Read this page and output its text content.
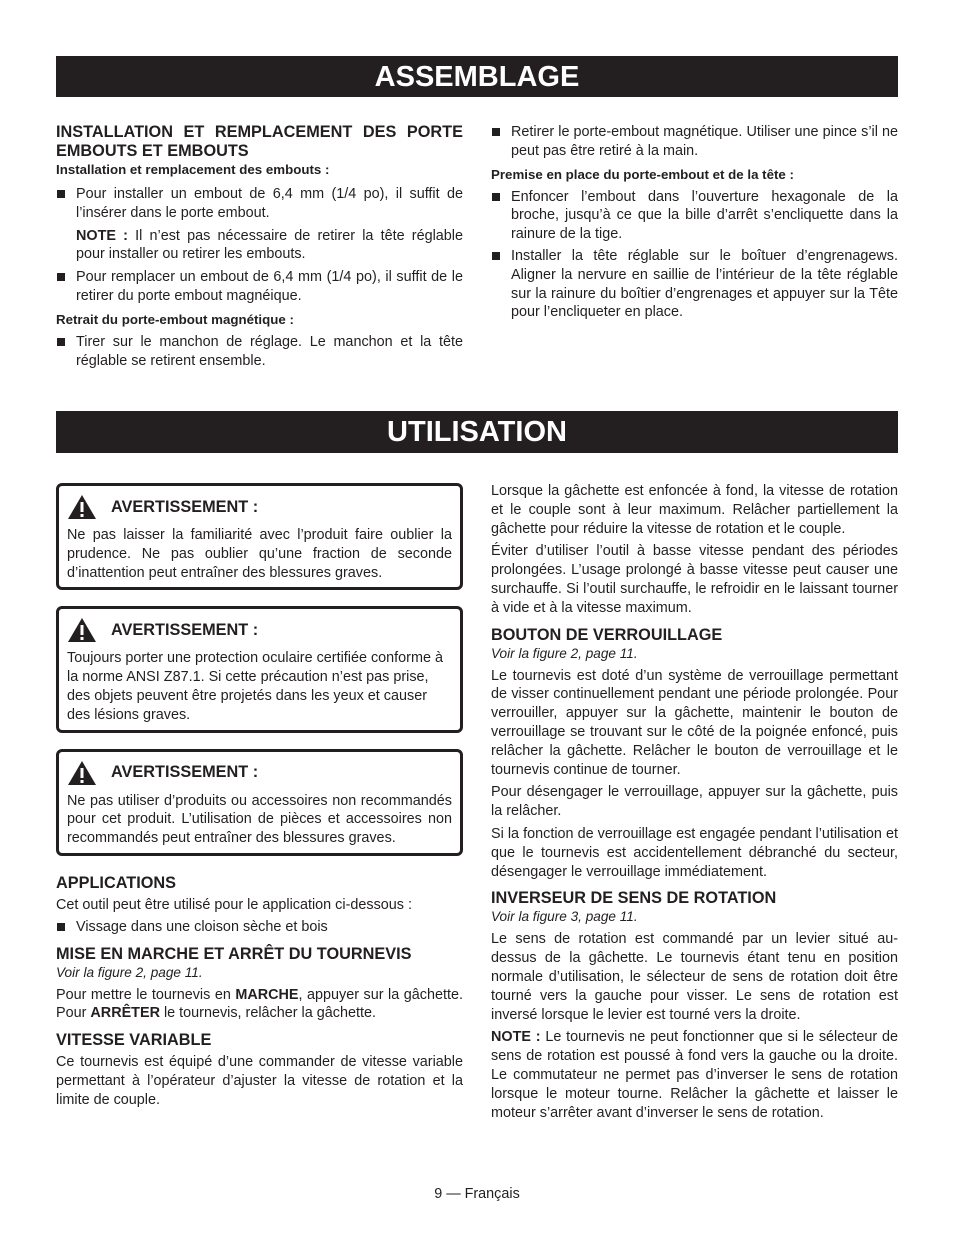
ASSEMBLAGE
UTILISATION
INSTALLATION ET REMPLACEMENT DES PORTE EMBOUTS ET EMBOUTS
Installation et remplacement des embouts :
Pour installer un embout de 6,4 mm (1/4 po), il suffit de l’insérer dans le porte embout.
NOTE : Il n’est pas nécessaire de retirer la tête réglable pour installer ou retirer les embouts.
Pour remplacer un embout de 6,4 mm (1/4 po), il suffit de le retirer du porte embout magnéique.
Retrait du porte-embout magnétique :
Tirer sur le manchon de réglage. Le manchon et la tête réglable se retirent ensemble.
Retirer le porte-embout magnétique. Utiliser une pince s’il ne peut pas être retiré à la main.
Premise en place du porte-embout et de la tête :
Enfoncer l’embout dans l’ouverture hexagonale de la broche, jusqu’à ce que la bille d’arrêt s’encliquette dans la rainure de la tige.
Installer la tête réglable sur le boîtuer d’engrenagews. Aligner la nervure en saillie de l’intérieur de la tête réglable sur la rainure du boîtier d’engrenages et appuyer sur la Tête pour l’encliqueter en place.
AVERTISSEMENT :

Ne pas laisser la familiarité avec l’produit faire oublier la prudence. Ne pas oublier qu’une fraction de seconde d’inattention peut entraîner des blessures graves.

AVERTISSEMENT :

Toujours porter une protection oculaire certifiée conforme à la norme ANSI Z87.1. Si cette précaution n’est pas prise, des objets peuvent être projetés dans les yeux et causer des lésions graves.

AVERTISSEMENT :

Ne pas utiliser d’produits ou accessoires non recommandés pour cet produit. L’utilisation de pièces et accessoires non recommandés peut entraîner des blessures graves.

APPLICATIONS

Cet outil peut être utilisé pour le application ci-dessous :

Vissage dans une cloison sèche et bois
MISE EN MARCHE ET ARRÊT DU TOURNEVIS
Voir la figure 2, page 11.

Pour mettre le tournevis en MARCHE, appuyer sur la gâchette. Pour ARRÊTER le tournevis, relâcher la gâchette.

VITESSE VARIABLE

Ce tournevis est équipé d’une commander de vitesse variable permettant à l’opérateur d’ajuster la vitesse de rotation et la limite de couple.

Lorsque la gâchette est enfoncée à fond, la vitesse de rotation et le couple sont à leur maximum. Relâcher partiellement la gâchette pour réduire la vitesse de rotation et le couple.

Éviter d’utiliser l’outil à basse vitesse pendant des périodes prolongées. L’usage prolongé à basse vitesse peut causer une surchauffe. Si l’outil surchauffe, le refroidir en le laissant tourner à vide et à la vitesse maximum.

BOUTON DE VERROUILLAGE
Voir la figure 2, page 11.

Le tournevis est doté d’un système de verrouillage permettant de visser continuellement pendant une période prolongée. Pour verrouiller, appuyer sur la gâchette, maintenir le bouton de verrouillage se trouvant sur le côté de la poignée enfoncé, puis relâcher la gâchette. Relâcher le bouton de verrouillage et le tournevis continue de tourner.

Pour désengager le verrouillage, appuyer sur la gâchette, puis la relâcher.

Si la fonction de verrouillage est engagée pendant l’utilisation et que le tournevis est accidentellement débranché du secteur, désengager le verrouillage immédiatement.

INVERSEUR DE SENS DE ROTATION
Voir la figure 3, page 11.

Le sens de rotation est commandé par un levier situé au-dessus de la gâchette. Le tournevis étant tenu en position normale d’utilisation, le sélecteur de sens de rotation doit être tourné vers la gauche pour visser. Le sens de rotation est inversé lorsque le levier est tourné vers la droite.

NOTE : Le tournevis ne peut fonctionner que si le sélecteur de sens de rotation est poussé à fond vers la gauche ou la droite. Le commutateur ne permet pas d’inverser le sens de rotation lorsque le moteur tourne. Relâcher la gâchette et laisser le moteur s’arrêter avant d’inverser le sens de rotation.

9 — Français
